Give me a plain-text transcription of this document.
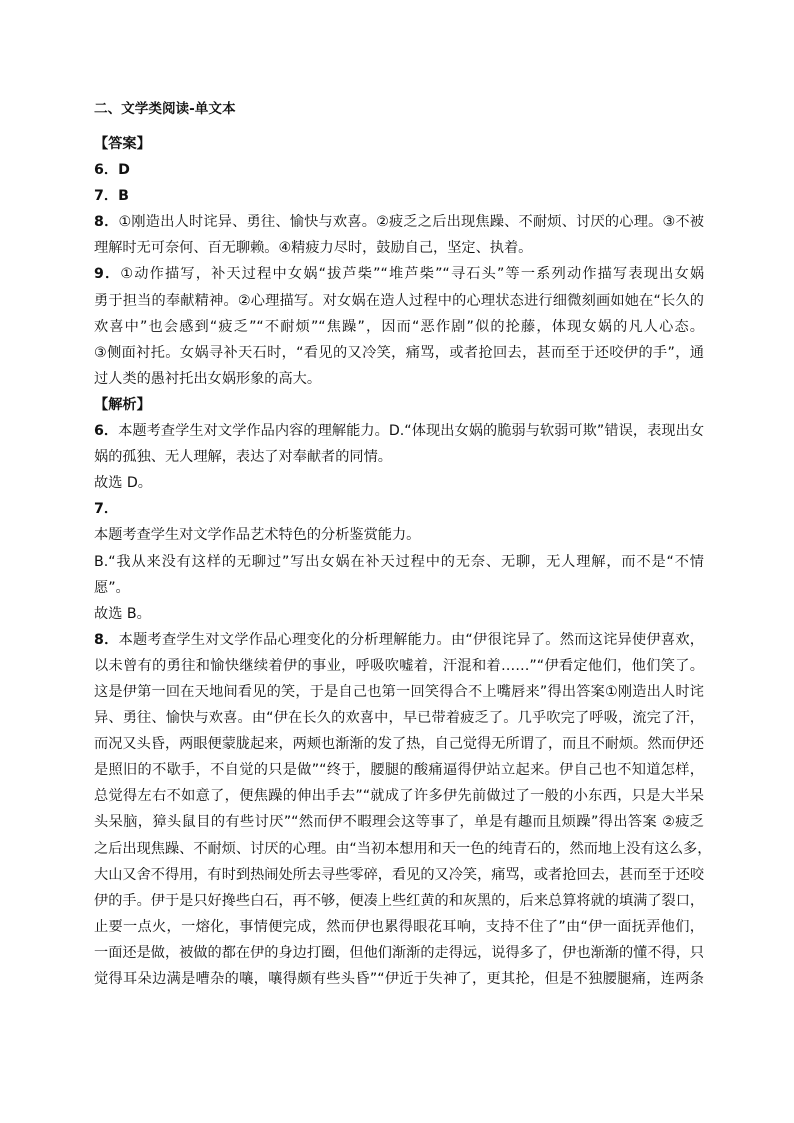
二、文学类阅读-单文本
【答案】
6．D
7．B
8．①刚造出人时诧异、勇往、愉快与欢喜。②疲乏之后出现焦躁、不耐烦、讨厌的心理。③不被
理解时无可奈何、百无聊赖。④精疲力尽时，鼓励自己，坚定、执着。
9．①动作描写，补天过程中女娲“拔芦柴”“堆芦柴”“寻石头”等一系列动作描写表现出女娲
勇于担当的奉献精神。②心理描写。对女娲在造人过程中的心理状态进行细微刻画如她在“长久的
欢喜中”也会感到“疲乏”“不耐烦”“焦躁”，因而“恶作剧”似的抡藤，体现女娲的凡人心态。
③侧面衬托。女娲寻补天石时，“看见的又冷笑，痛骂，或者抢回去，甚而至于还咬伊的手”，通
过人类的愚衬托出女娲形象的高大。
【解析】
6．本题考查学生对文学作品内容的理解能力。D.“体现出女娲的脆弱与软弱可欺”错误，表现出女
娲的孤独、无人理解，表达了对奉献者的同情。
故选 D。
7．
本题考查学生对文学作品艺术特色的分析鉴赏能力。
B.“我从来没有这样的无聊过”写出女娲在补天过程中的无奈、无聊，无人理解，而不是“不情
愿”。
故选 B。
8．本题考查学生对文学作品心理变化的分析理解能力。由“伊很诧异了。然而这诧异使伊喜欢，
以未曾有的勇往和愉快继续着伊的事业，呼吸吹嘘着，汗混和着……”“伊看定他们，他们笑了。
这是伊第一回在天地间看见的笑，于是自己也第一回笑得合不上嘴唇来”得出答案①刚造出人时诧
异、勇往、愉快与欢喜。由“伊在长久的欢喜中，早已带着疲乏了。几乎吹完了呼吸，流完了汗，
而况又头昏，两眼便蒙胧起来，两颊也渐渐的发了热，自己觉得无所谓了，而且不耐烦。然而伊还
是照旧的不歇手，不自觉的只是做”“终于，腰腿的酸痛逼得伊站立起来。伊自己也不知道怎样，
总觉得左右不如意了，便焦躁的伸出手去”“就成了许多伊先前做过了一般的小东西，只是大半呆
头呆脑，獐头鼠目的有些讨厌”“然而伊不暇理会这等事了，单是有趣而且烦躁”得出答案 ②疲乏
之后出现焦躁、不耐烦、讨厌的心理。由“当初本想用和天一色的纯青石的，然而地上没有这么多，
大山又舍不得用，有时到热闹处所去寻些零碎，看见的又冷笑，痛骂，或者抢回去，甚而至于还咬
伊的手。伊于是只好搀些白石，再不够，便凑上些红黄的和灰黑的，后来总算将就的填满了裂口，
止要一点火，一熔化，事情便完成，然而伊也累得眼花耳响，支持不住了”由“伊一面抚弄他们，
一面还是做，被做的都在伊的身边打圈，但他们渐渐的走得远，说得多了，伊也渐渐的懂不得，只
觉得耳朵边满是嘈杂的嚷，嚷得颇有些头昏”“伊近于失神了，更其抡，但是不独腰腿痛，连两条
